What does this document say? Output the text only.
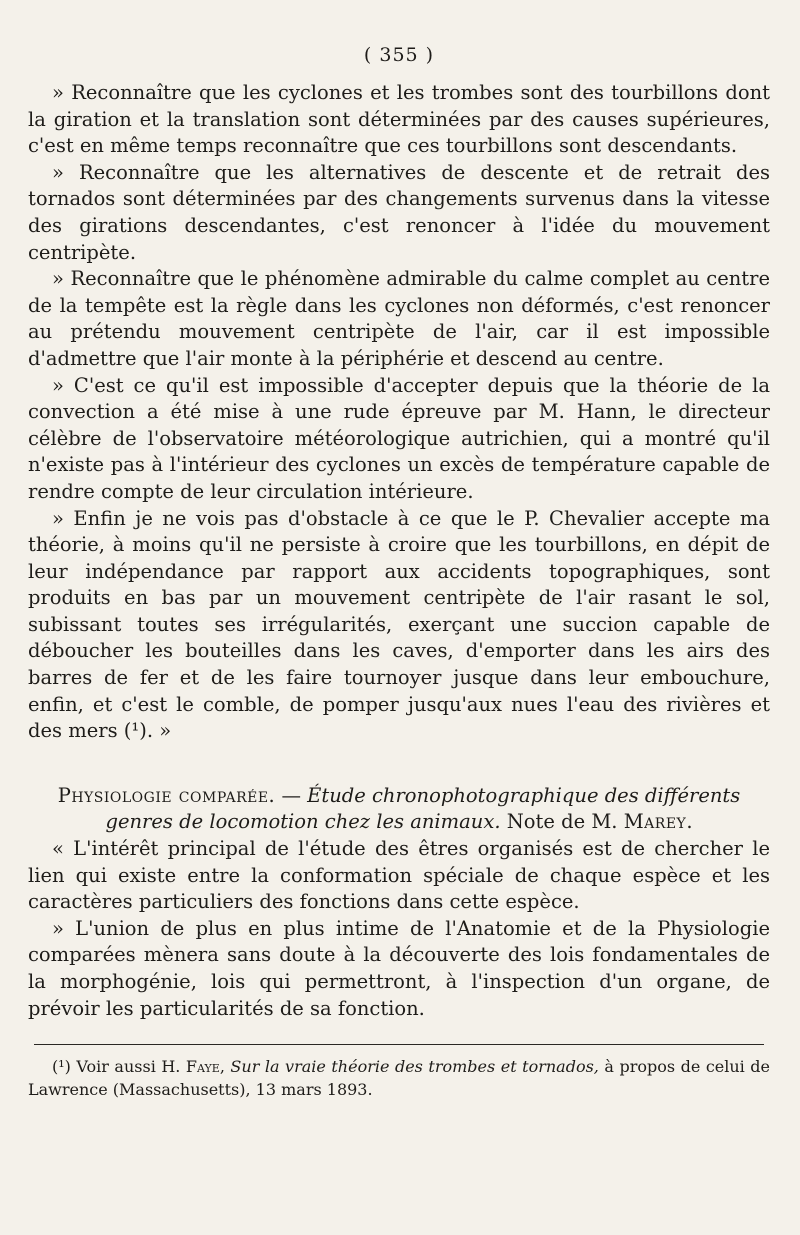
( 355 )

» Reconnaître que les cyclones et les trombes sont des tourbillons dont la giration et la translation sont déterminées par des causes supérieures, c'est en même temps reconnaître que ces tourbillons sont descendants.

» Reconnaître que les alternatives de descente et de retrait des tornados sont déterminées par des changements survenus dans la vitesse des girations descendantes, c'est renoncer à l'idée du mouvement centripète.

» Reconnaître que le phénomène admirable du calme complet au centre de la tempête est la règle dans les cyclones non déformés, c'est renoncer au prétendu mouvement centripète de l'air, car il est impossible d'admettre que l'air monte à la périphérie et descend au centre.

» C'est ce qu'il est impossible d'accepter depuis que la théorie de la convection a été mise à une rude épreuve par M. Hann, le directeur célèbre de l'observatoire météorologique autrichien, qui a montré qu'il n'existe pas à l'intérieur des cyclones un excès de température capable de rendre compte de leur circulation intérieure.

» Enfin je ne vois pas d'obstacle à ce que le P. Chevalier accepte ma théorie, à moins qu'il ne persiste à croire que les tourbillons, en dépit de leur indépendance par rapport aux accidents topographiques, sont produits en bas par un mouvement centripète de l'air rasant le sol, subissant toutes ses irrégularités, exerçant une succion capable de déboucher les bouteilles dans les caves, d'emporter dans les airs des barres de fer et de les faire tournoyer jusque dans leur embouchure, enfin, et c'est le comble, de pomper jusqu'aux nues l'eau des rivières et des mers (¹). »

Physiologie comparée. — Étude chronophotographique des différents genres de locomotion chez les animaux. Note de M. Marey.

« L'intérêt principal de l'étude des êtres organisés est de chercher le lien qui existe entre la conformation spéciale de chaque espèce et les caractères particuliers des fonctions dans cette espèce.

» L'union de plus en plus intime de l'Anatomie et de la Physiologie comparées mènera sans doute à la découverte des lois fondamentales de la morphogénie, lois qui permettront, à l'inspection d'un organe, de prévoir les particularités de sa fonction.

(¹) Voir aussi H. Faye, Sur la vraie théorie des trombes et tornados, à propos de celui de Lawrence (Massachusetts), 13 mars 1893.
